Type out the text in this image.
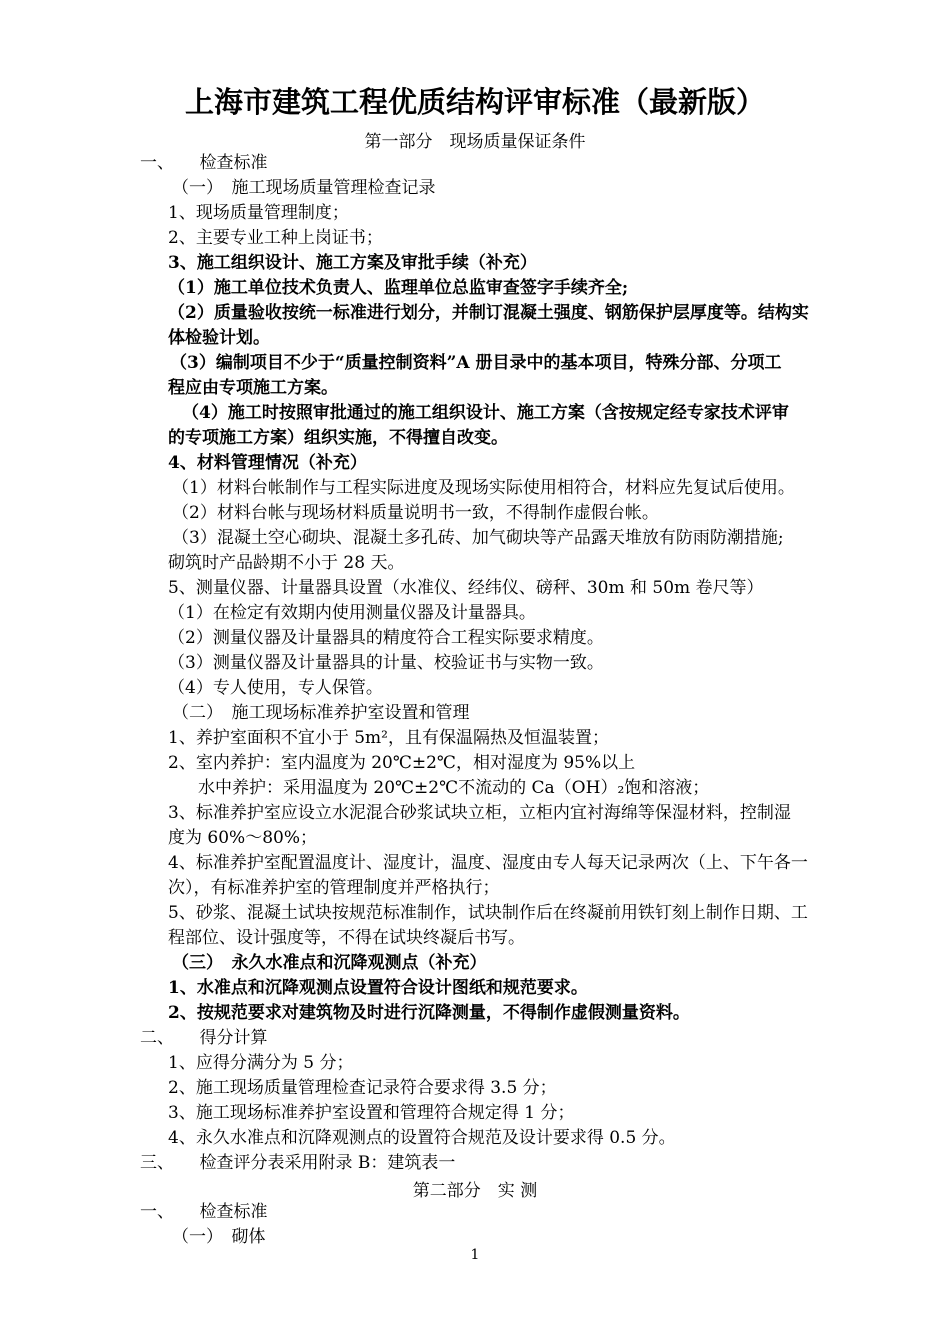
上海市建筑工程优质结构评审标准（最新版）
第一部分　现场质量保证条件
一、　　检查标准
（一）　施工现场质量管理检查记录
1、现场质量管理制度；
2、主要专业工种上岗证书；
3、施工组织设计、施工方案及审批手续（补充）
（1）施工单位技术负责人、监理单位总监审查签字手续齐全;
（2）质量验收按统一标准进行划分，并制订混凝土强度、钢筋保护层厚度等。结构实
体检验计划。
（3）编制项目不少于“质量控制资料”A 册目录中的基本项目，特殊分部、分项工
程应由专项施工方案。
（4）施工时按照审批通过的施工组织设计、施工方案（含按规定经专家技术评审
的专项施工方案）组织实施，不得擅自改变。
4、材料管理情况（补充）
（1）材料台帐制作与工程实际进度及现场实际使用相符合，材料应先复试后使用。
（2）材料台帐与现场材料质量说明书一致，不得制作虚假台帐。
（3）混凝土空心砌块、混凝土多孔砖、加气砌块等产品露天堆放有防雨防潮措施;
砌筑时产品龄期不小于 28 天。
5、测量仪器、计量器具设置（水准仪、经纬仪、磅秤、30m 和 50m 卷尺等）
（1）在检定有效期内使用测量仪器及计量器具。
（2）测量仪器及计量器具的精度符合工程实际要求精度。
（3）测量仪器及计量器具的计量、校验证书与实物一致。
（4）专人使用，专人保管。
（二）　施工现场标准养护室设置和管理
1、养护室面积不宜小于 5m²，且有保温隔热及恒温装置；
2、室内养护：室内温度为 20℃±2℃，相对湿度为 95%以上
水中养护：采用温度为 20℃±2℃不流动的 Ca（OH）₂饱和溶液；
3、标准养护室应设立水泥混合砂浆试块立柜，立柜内宜衬海绵等保湿材料，控制湿
度为 60%～80%；
4、标准养护室配置温度计、湿度计，温度、湿度由专人每天记录两次（上、下午各一
次），有标准养护室的管理制度并严格执行；
5、砂浆、混凝土试块按规范标准制作，试块制作后在终凝前用铁钉刻上制作日期、工
程部位、设计强度等，不得在试块终凝后书写。
（三）　永久水准点和沉降观测点（补充）
1、水准点和沉降观测点设置符合设计图纸和规范要求。
2、按规范要求对建筑物及时进行沉降测量，不得制作虚假测量资料。
二、　　得分计算
1、应得分满分为 5 分；
2、施工现场质量管理检查记录符合要求得 3.5 分；
3、施工现场标准养护室设置和管理符合规定得 1 分；
4、永久水准点和沉降观测点的设置符合规范及设计要求得 0.5 分。
三、　　检查评分表采用附录 B：建筑表一
第二部分　实 测
一、　　检查标准
（一）　砌体
1
